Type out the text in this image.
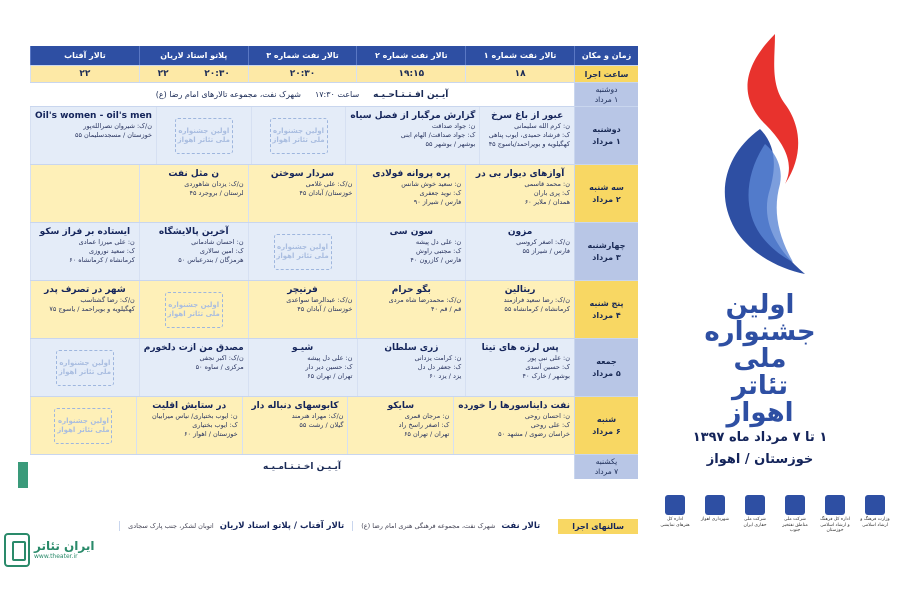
زمان و مکان
تالار نفت شماره ۱
تالار نفت شماره ۲
تالار نفت شماره ۳
پلاتو استاد لاریان
تالار آفتاب
ساعت اجرا
۱۸
۱۹:۱۵
۲۰:۳۰
۲۰:۳۰
۲۲
۲۲
دوشنبه
۱ مرداد
آیـین افـتـتـاحـیـه
ساعت ۱۷:۳۰
شهرک نفت، مجموعه تالارهای امام رضا (ع)
دوشنبه
۱ مرداد
عبور از باغ سرخ
ن: کرم الله سلیمانی
ک: فرشاد حمیدی، ایوب پناهی
کهگیلویه و بویراحمد/یاسوج ۴۵
گزارش مرگبار از فصل سیاه
ن: جواد صداقت
ک: جواد صداقت/ الهام ابنی
بوشهر / بوشهر ۵۵
اولین جشنواره ملی تئاتر اهواز
اولین جشنواره ملی تئاتر اهواز
Oil's women - oil's men
ن/ک: شیروان نصرالله‌پور
خوزستان / مسجدسلیمان ۵۵
سه شنبه
۲ مرداد
آوازهای دیوار بی در
ن: محمد قاسمی
ک: پری باران
همدان / ملایر ۶۰
پره پروانه فولادی
ن: سعید خوش شانس
ک: نوید جعفری
فارس / شیراز ۹۰
سردار سوختن
ن/ک: علی غلامی
خوزستان/ آبادان ۴۵
ن مثل نفت
ن/ک: یزدان شاهوردی
لرستان / بروجرد ۴۵
چهارشنبه
۳ مرداد
مزون
ن/ک: اصغر کروسی
فارس / شیراز ۵۵
سون سی
ن: علی دل پیشه
ک: مجتبی راوش
فارس / کازرون ۴۰
اولین جشنواره ملی تئاتر اهواز
آخرین پالایشگاه
ن: احسان شادمانی
ک: امین سالاری
هرمزگان / بندرعباس ۵۰
ایستاده بر فراز سکو
ن: علی میرزا عمادی
ک: سعید نوروزی
کرمانشاه / کرمانشاه ۶۰
پنج شنبه
۴ مرداد
ریتالین
ن/ک: رضا سعید فرازمند
کرمانشاه / کرمانشاه ۵۵
بگو حرام
ن/ک: محمدرضا شاه مردی
قم / قم ۴۰
فرنیچر
ن/ک: عبدالرضا سواعدی
خوزستان / آبادان ۴۵
اولین جشنواره ملی تئاتر اهواز
شهر در تصرف پدر
ن/ک: رضا گشتاسب
کهگیلویه و بویراحمد / یاسوج ۷۵
جمعه
۵ مرداد
پس لرزه های تیتا
ن: علی نبی پور
ک: حسین آسدی
بوشهر / خارک ۴۰
زری سلطان
ن: کرامت یزدانی
ک: جعفر دل دل
یزد / یزد ۶۰
شیـو
ن: علی دل پیشه
ک: حسین دیر دار
تهران / تهران ۶۵
مصدق من ازت دلخورم
ن/ک: اکبر نجفی
مرکزی / ساوه ۵۰
اولین جشنواره ملی تئاتر اهواز
شنبه
۶ مرداد
نفت دایناسورها را خورده
ن: احسان روحی
ک: علی روحی
خراسان رضوی / مشهد ۵۰
سایکو
ن: مرجان قمری
ک: اصغر راسخ راد
تهران / تهران ۶۵
کابوسهای دنباله دار
ن/ک: مهراد هنرمند
گیلان / رشت ۵۵
در ستایش اقلیت
ن: ایوب بختیاری/ نیاس میرابیان
ک: ایوب بختیاری
خوزستان / اهواز ۶۰
اولین جشنواره ملی تئاتر اهواز
یکشنبه
۷ مرداد
آیـیـن اخـتـتـامـیـه
سالنهای اجرا
تالار نفت
شهرک نفت، مجموعه فرهنگی هنری امام رضا (ع)
تالار آفتاب / پلاتو استاد لاریان
اتوبان لشکر، جنب پارک سجادی
اولین
جشنواره
ملی
تئاتر
اهواز
۱ تا ۷ مرداد ماه ۱۳۹۷
خوزستان / اهواز
وزارت فرهنگ و ارشاد اسلامی
اداره کل فرهنگ و ارشاد اسلامی خوزستان
شرکت ملی مناطق نفتخیز جنوب
شرکت ملی حفاری ایران
شهرداری اهواز
اداره کل هنرهای نمایشی
ایران تئاتر
www.theater.ir
